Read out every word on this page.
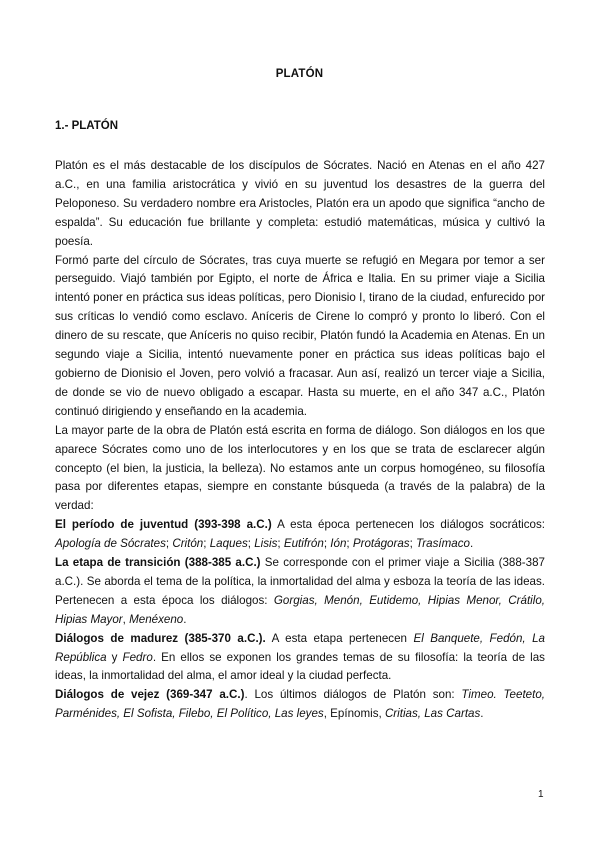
PLATÓN
1.- PLATÓN

Platón es el más destacable de los discípulos de Sócrates. Nació en Atenas en el año 427 a.C., en una familia aristocrática y vivió en su juventud los desastres de la guerra del Peloponeso. Su verdadero nombre era Aristocles, Platón era un apodo que significa “ancho de espalda”. Su educación fue brillante y completa: estudió matemáticas, música y cultivó la poesía.

Formó parte del círculo de Sócrates, tras cuya muerte se refugió en Megara por temor a ser perseguido. Viajó también por Egipto, el norte de África e Italia. En su primer viaje a Sicilia intentó poner en práctica sus ideas políticas, pero Dionisio I, tirano de la ciudad, enfurecido por sus críticas lo vendió como esclavo. Aníceris de Cirene lo compró y pronto lo liberó. Con el dinero de su rescate, que Aníceris no quiso recibir, Platón fundó la Academia en Atenas. En un segundo viaje a Sicilia, intentó nuevamente poner en práctica sus ideas políticas bajo el gobierno de Dionisio el Joven, pero volvió a fracasar. Aun así, realizó un tercer viaje a Sicilia, de donde se vio de nuevo obligado a escapar. Hasta su muerte, en el año 347 a.C., Platón continuó dirigiendo y enseñando en la academia.

La mayor parte de la obra de Platón está escrita en forma de diálogo. Son diálogos en los que aparece Sócrates como uno de los interlocutores y en los que se trata de esclarecer algún concepto (el bien, la justicia, la belleza). No estamos ante un corpus homogéneo, su filosofía pasa por diferentes etapas, siempre en constante búsqueda (a través de la palabra) de la verdad:

El período de juventud (393-398 a.C.) A esta época pertenecen los diálogos socráticos: Apología de Sócrates; Critón; Laques; Lisis; Eutifrón; Ión; Protágoras; Trasímaco.

La etapa de transición (388-385 a.C.) Se corresponde con el primer viaje a Sicilia (388-387 a.C.). Se aborda el tema de la política, la inmortalidad del alma y esboza la teoría de las ideas. Pertenecen a esta época los diálogos: Gorgias, Menón, Eutidemo, Hipias Menor, Crátilo, Hipias Mayor, Menéxeno.

Diálogos de madurez (385-370 a.C.). A esta etapa pertenecen El Banquete, Fedón, La República y Fedro. En ellos se exponen los grandes temas de su filosofía: la teoría de las ideas, la inmortalidad del alma, el amor ideal y la ciudad perfecta.

Diálogos de vejez (369-347 a.C.). Los últimos diálogos de Platón son: Timeo. Teeteto, Parménides, El Sofista, Filebo, El Político, Las leyes, Epínomis, Critias, Las Cartas.

1
